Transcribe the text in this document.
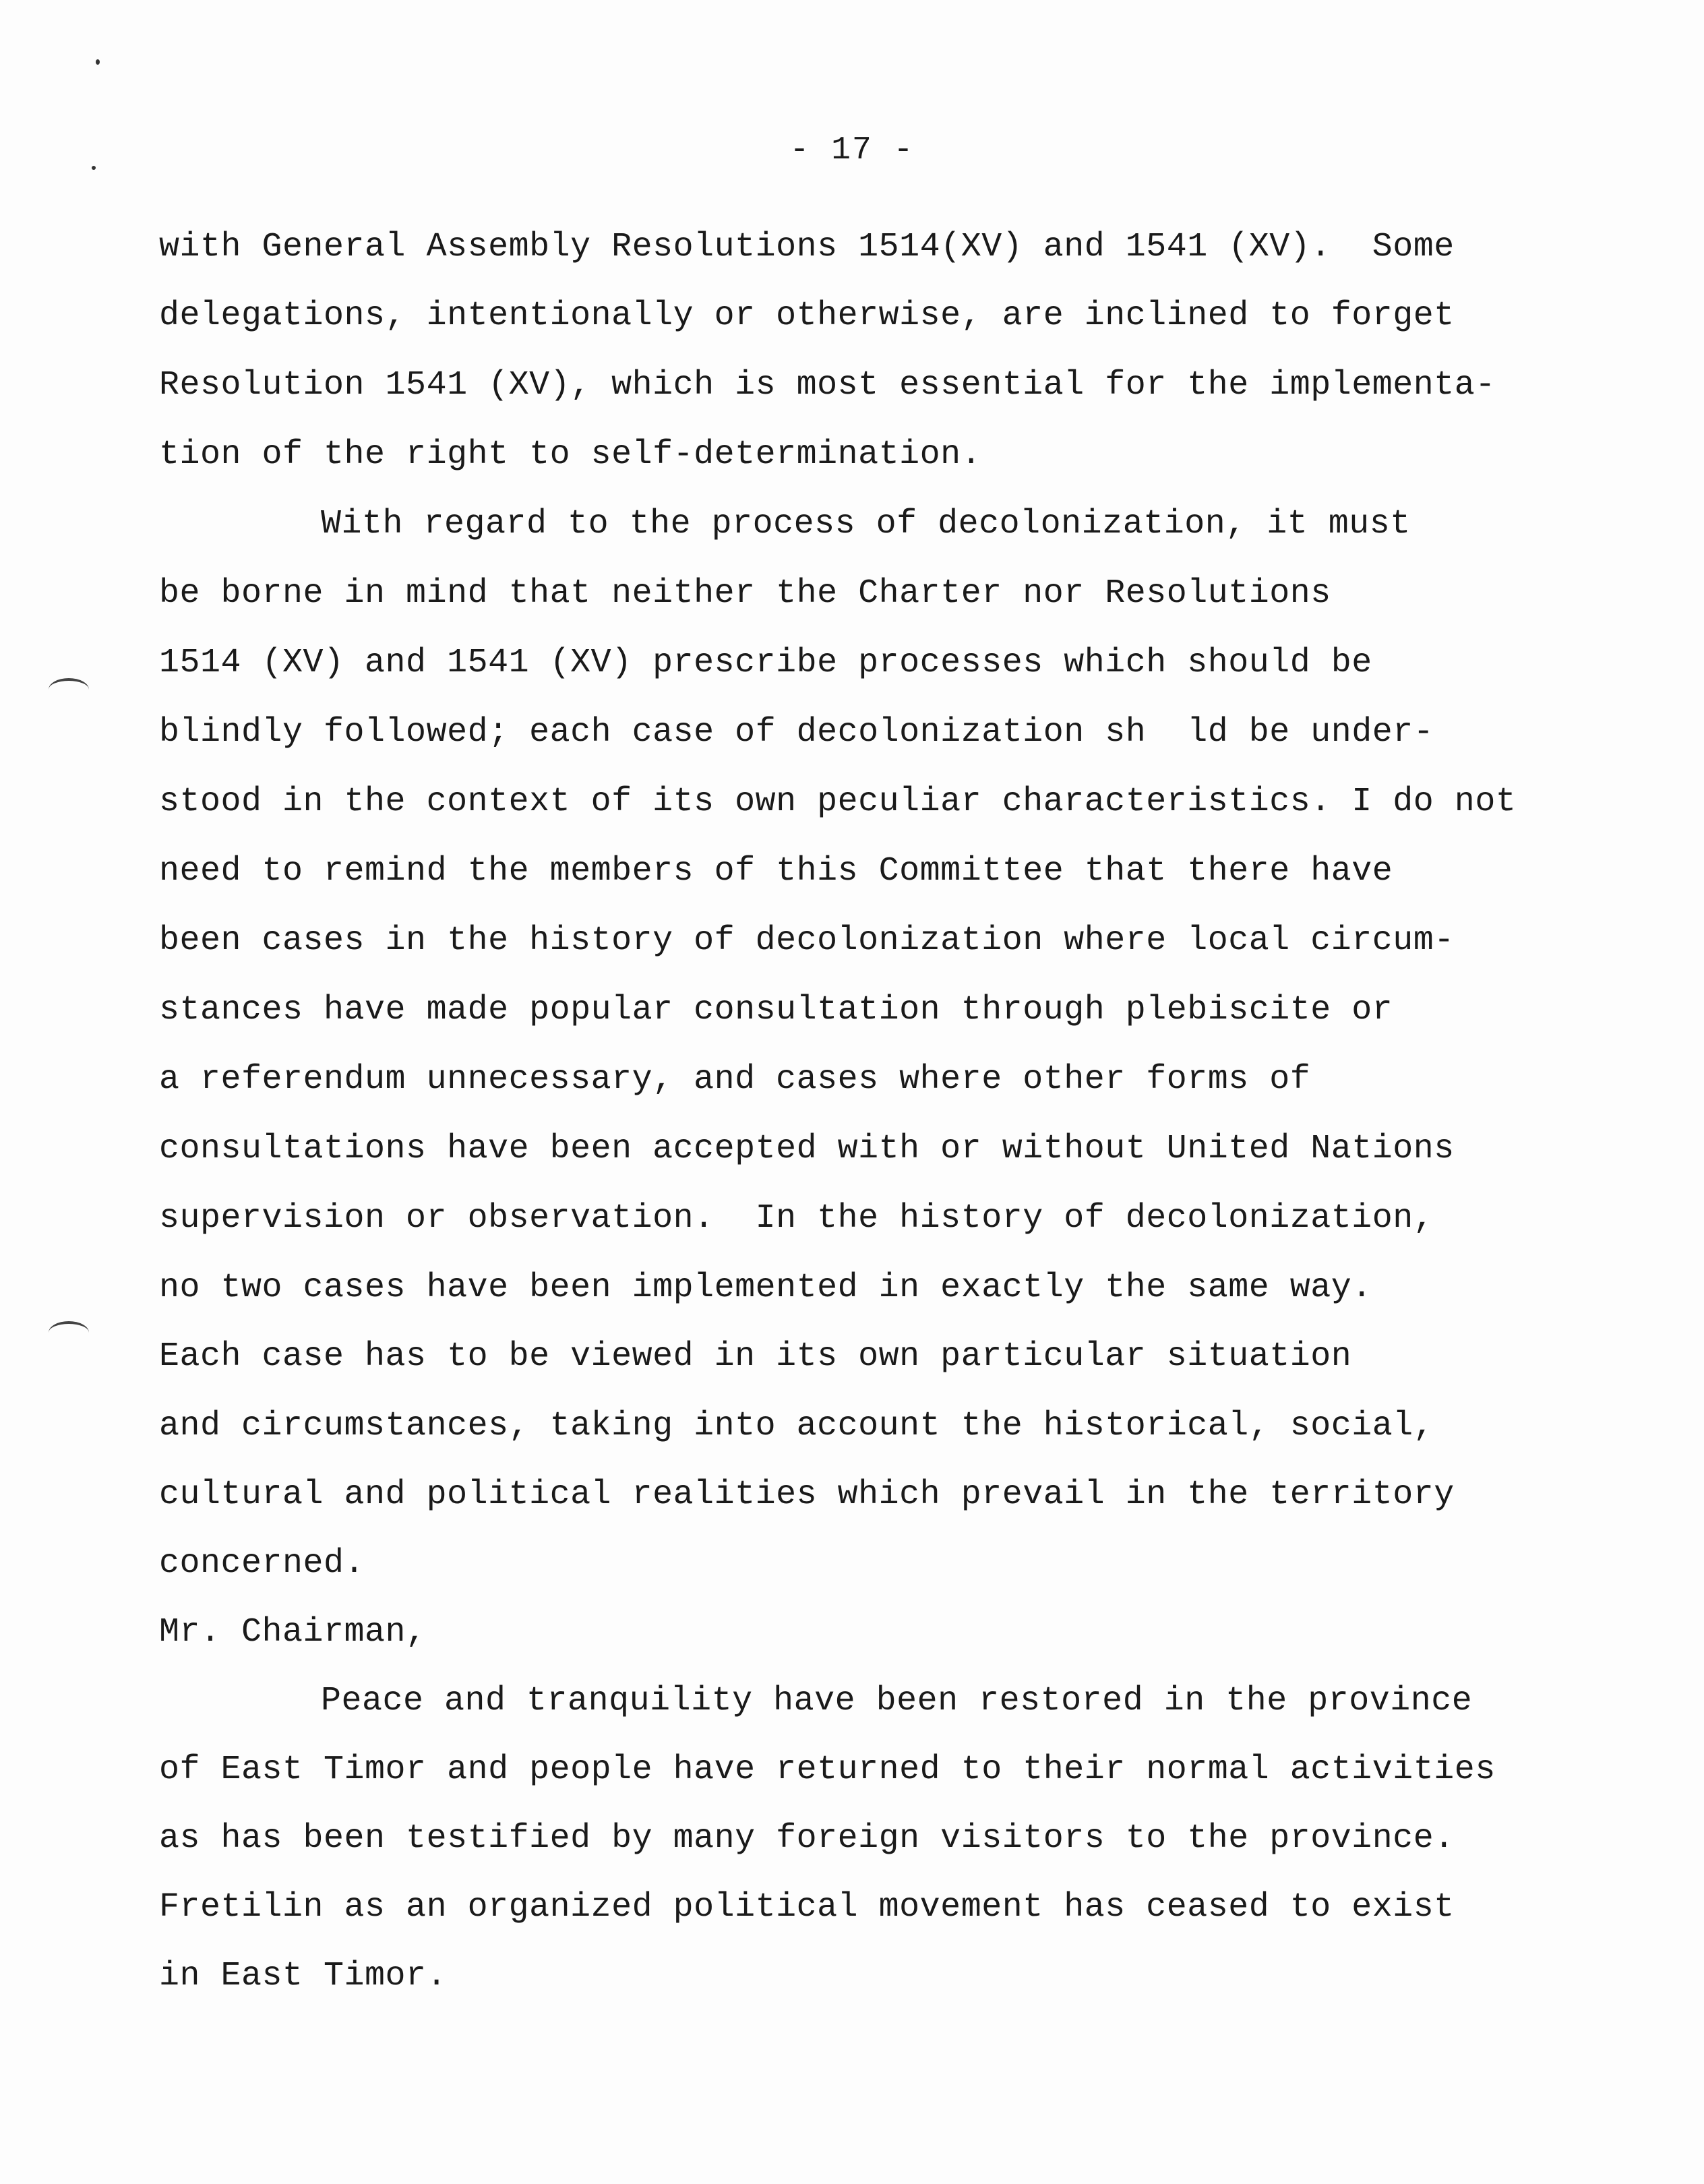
- 17 -
with General Assembly Resolutions 1514(XV) and 1541 (XV).  Some
delegations, intentionally or otherwise, are inclined to forget
Resolution 1541 (XV), which is most essential for the implementa-
tion of the right to self-determination.
With regard to the process of decolonization, it must
be borne in mind that neither the Charter nor Resolutions
1514 (XV) and 1541 (XV) prescribe processes which should be
blindly followed; each case of decolonization sh  ld be under-
stood in the context of its own peculiar characteristics. I do not
need to remind the members of this Committee that there have
been cases in the history of decolonization where local circum-
stances have made popular consultation through plebiscite or
a referendum unnecessary, and cases where other forms of
consultations have been accepted with or without United Nations
supervision or observation.  In the history of decolonization,
no two cases have been implemented in exactly the same way.
Each case has to be viewed in its own particular situation
and circumstances, taking into account the historical, social,
cultural and political realities which prevail in the territory
concerned.
Mr. Chairman,
Peace and tranquility have been restored in the province
of East Timor and people have returned to their normal activities
as has been testified by many foreign visitors to the province.
Fretilin as an organized political movement has ceased to exist
in East Timor.
